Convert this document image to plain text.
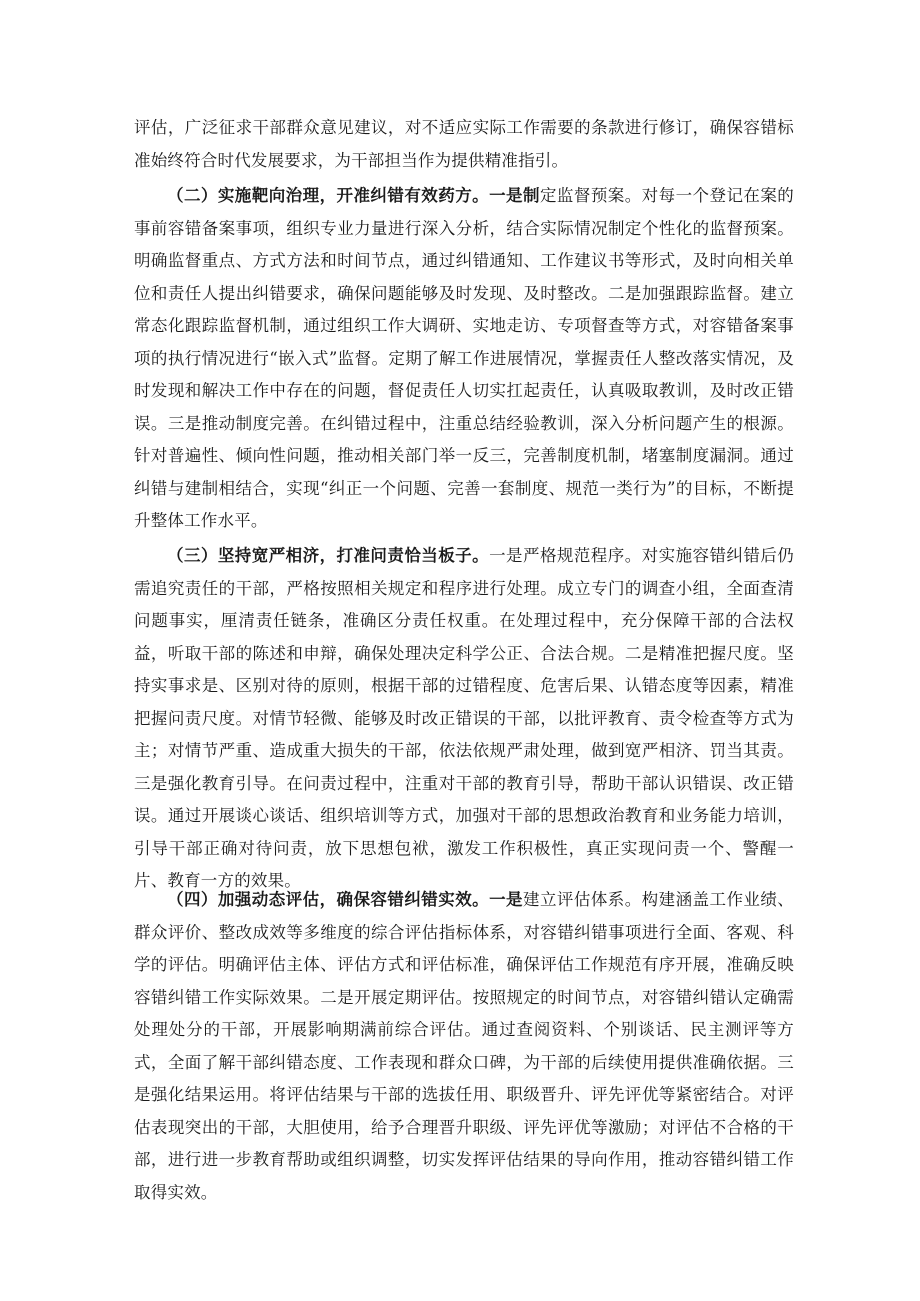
评估，广泛征求干部群众意见建议，对不适应实际工作需要的条款进行修订，确保容错标准始终符合时代发展要求，为干部担当作为提供精准指引。

（二）实施靶向治理，开准纠错有效药方。一是制定监督预案。对每一个登记在案的事前容错备案事项，组织专业力量进行深入分析，结合实际情况制定个性化的监督预案。明确监督重点、方式方法和时间节点，通过纠错通知、工作建议书等形式，及时向相关单位和责任人提出纠错要求，确保问题能够及时发现、及时整改。二是加强跟踪监督。建立常态化跟踪监督机制，通过组织工作大调研、实地走访、专项督查等方式，对容错备案事项的执行情况进行“嵌入式”监督。定期了解工作进展情况，掌握责任人整改落实情况，及时发现和解决工作中存在的问题，督促责任人切实扛起责任，认真吸取教训，及时改正错误。三是推动制度完善。在纠错过程中，注重总结经验教训，深入分析问题产生的根源。针对普遍性、倾向性问题，推动相关部门举一反三，完善制度机制，堵塞制度漏洞。通过纠错与建制相结合，实现“纠正一个问题、完善一套制度、规范一类行为”的目标，不断提升整体工作水平。

（三）坚持宽严相济，打准问责恰当板子。一是严格规范程序。对实施容错纠错后仍需追究责任的干部，严格按照相关规定和程序进行处理。成立专门的调查小组，全面查清问题事实，厘清责任链条，准确区分责任权重。在处理过程中，充分保障干部的合法权益，听取干部的陈述和申辩，确保处理决定科学公正、合法合规。二是精准把握尺度。坚持实事求是、区别对待的原则，根据干部的过错程度、危害后果、认错态度等因素，精准把握问责尺度。对情节轻微、能够及时改正错误的干部，以批评教育、责令检查等方式为主；对情节严重、造成重大损失的干部，依法依规严肃处理，做到宽严相济、罚当其责。三是强化教育引导。在问责过程中，注重对干部的教育引导，帮助干部认识错误、改正错误。通过开展谈心谈话、组织培训等方式，加强对干部的思想政治教育和业务能力培训，引导干部正确对待问责，放下思想包袱，激发工作积极性，真正实现问责一个、警醒一片、教育一方的效果。

（四）加强动态评估，确保容错纠错实效。一是建立评估体系。构建涵盖工作业绩、群众评价、整改成效等多维度的综合评估指标体系，对容错纠错事项进行全面、客观、科学的评估。明确评估主体、评估方式和评估标准，确保评估工作规范有序开展，准确反映容错纠错工作实际效果。二是开展定期评估。按照规定的时间节点，对容错纠错认定确需处理处分的干部，开展影响期满前综合评估。通过查阅资料、个别谈话、民主测评等方式，全面了解干部纠错态度、工作表现和群众口碑，为干部的后续使用提供准确依据。三是强化结果运用。将评估结果与干部的选拔任用、职级晋升、评先评优等紧密结合。对评估表现突出的干部，大胆使用，给予合理晋升职级、评先评优等激励；对评估不合格的干部，进行进一步教育帮助或组织调整，切实发挥评估结果的导向作用，推动容错纠错工作取得实效。
